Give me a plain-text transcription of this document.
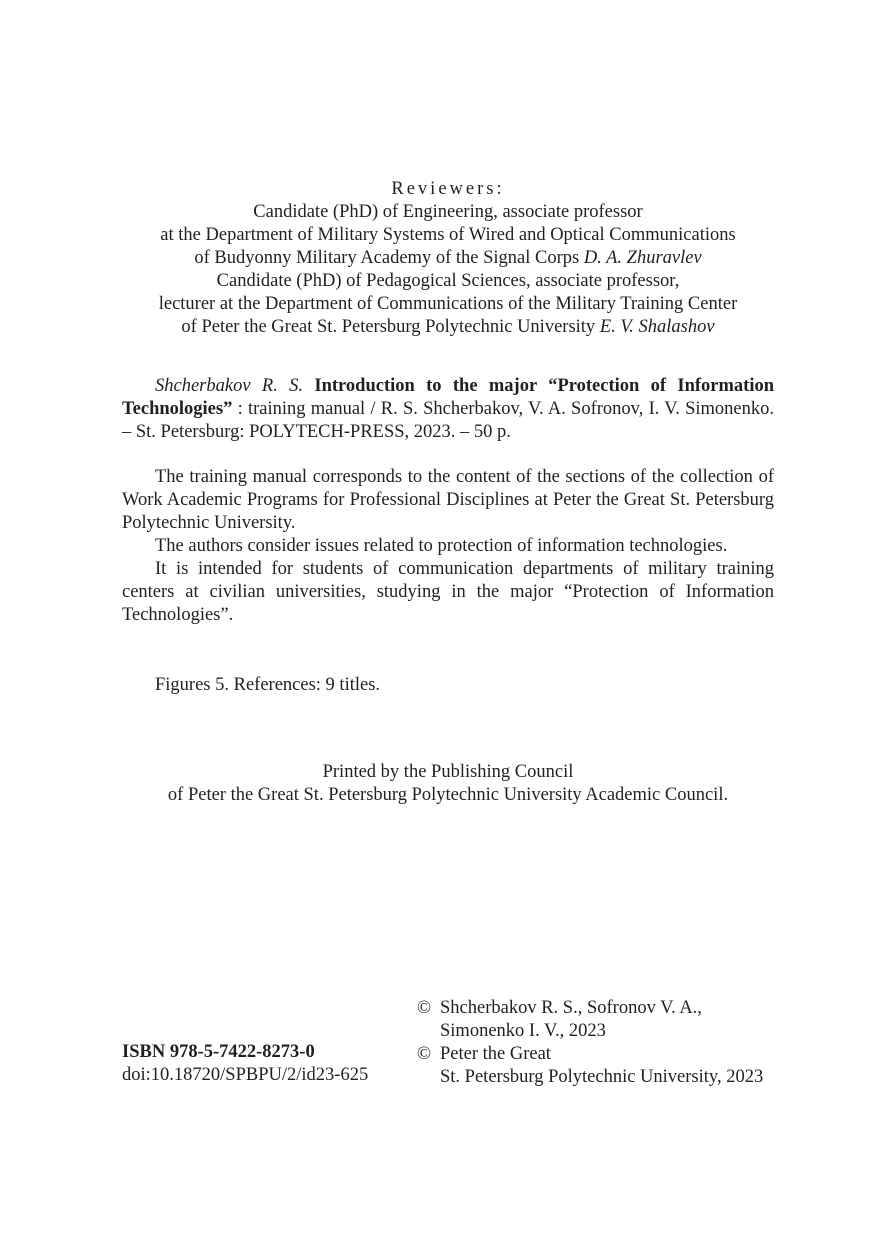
Reviewers:
Candidate (PhD) of Engineering, associate professor
at the Department of Military Systems of Wired and Optical Communications
of Budyonny Military Academy of the Signal Corps D. A. Zhuravlev
Candidate (PhD) of Pedagogical Sciences, associate professor,
lecturer at the Department of Communications of the Military Training Center
of Peter the Great St. Petersburg Polytechnic University E. V. Shalashov
Shcherbakov R. S. Introduction to the major “Protection of Information Technologies” : training manual / R. S. Shcherbakov, V. A. Sofronov, I. V. Simonenko. – St. Petersburg: POLYTECH-PRESS, 2023. – 50 p.

The training manual corresponds to the content of the sections of the collection of Work Academic Programs for Professional Disciplines at Peter the Great St. Petersburg Polytechnic University.

The authors consider issues related to protection of information technologies.

It is intended for students of communication departments of military training centers at civilian universities, studying in the major “Protection of Information Technologies”.

Figures 5. References: 9 titles.
Printed by the Publishing Council
of Peter the Great St. Petersburg Polytechnic University Academic Council.
ISBN 978-5-7422-8273-0
doi:10.18720/SPBPU/2/id23-625
© Shcherbakov R. S., Sofronov V. A.,
Simonenko I. V., 2023
© Peter the Great
St. Petersburg Polytechnic University, 2023
